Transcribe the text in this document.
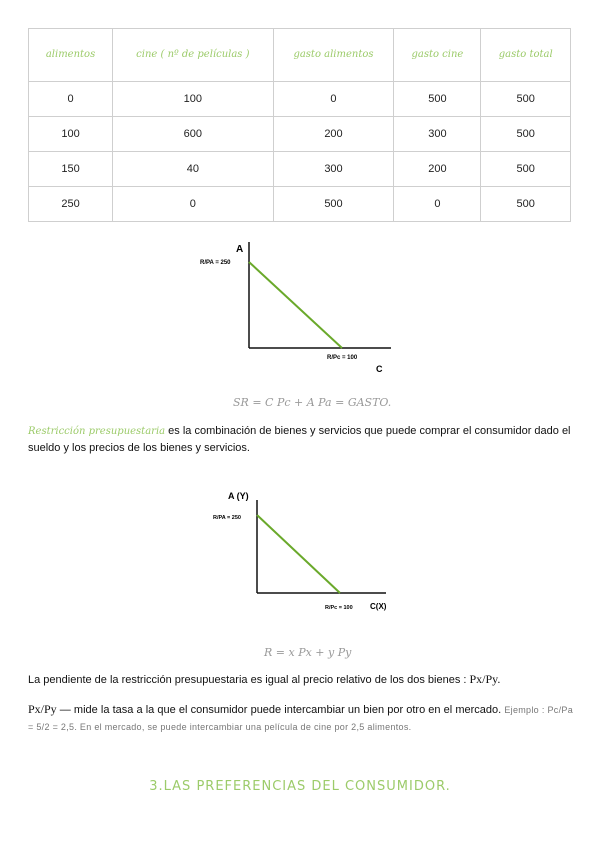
alimentos	cine ( nº de películas )	gasto alimentos	gasto cine	gasto total
0	100	0	500	500
100	600	200	300	500
150	40	300	200	500
250	0	500	0	500
A
R/PA = 250
R/Pc = 100
C
SR = C Pc + A Pa = GASTO.
Restricción presupuestaria es la combinación de bienes y servicios que puede comprar el consumidor dado el sueldo y los precios de los bienes y servicios.
A (Y)
R/PA = 250
R/Pc = 100 C(X)
R = x Px + y Py
La pendiente de la restricción presupuestaria es igual al precio relativo de los dos bienes : Px/Py.
Px/Py — mide la tasa a la que el consumidor puede intercambiar un bien por otro en el mercado. Ejemplo : Pc/Pa = 5/2 = 2,5. En el mercado, se puede intercambiar una película de cine por 2,5 alimentos.
3.LAS PREFERENCIAS DEL CONSUMIDOR.
